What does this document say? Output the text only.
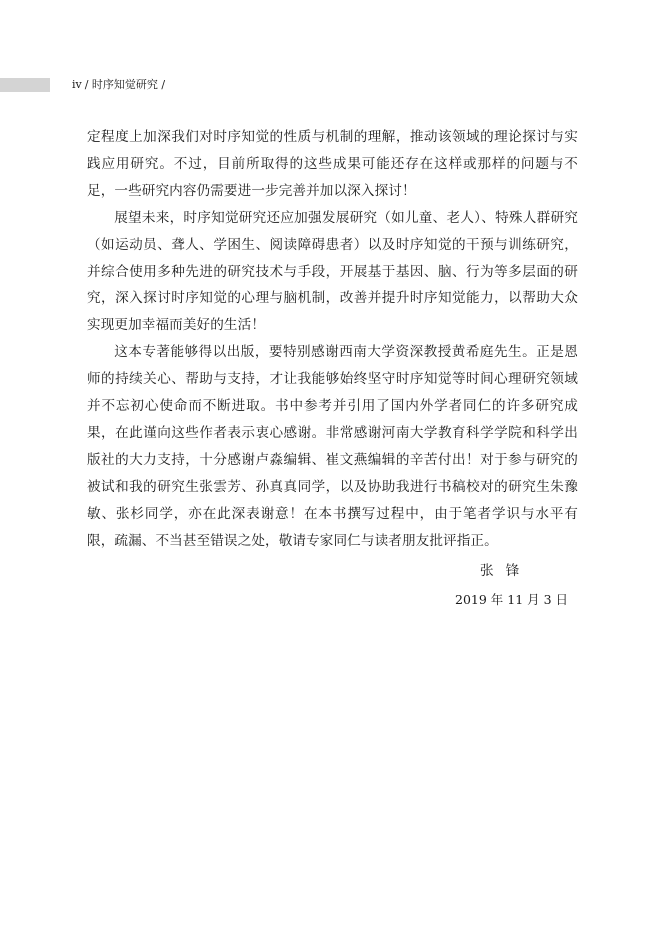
iv / 时序知觉研究 /

定程度上加深我们对时序知觉的性质与机制的理解，推动该领域的理论探讨与实践应用研究。不过，目前所取得的这些成果可能还存在这样或那样的问题与不足，一些研究内容仍需要进一步完善并加以深入探讨！

展望未来，时序知觉研究还应加强发展研究（如儿童、老人）、特殊人群研究（如运动员、聋人、学困生、阅读障碍患者）以及时序知觉的干预与训练研究，并综合使用多种先进的研究技术与手段，开展基于基因、脑、行为等多层面的研究，深入探讨时序知觉的心理与脑机制，改善并提升时序知觉能力，以帮助大众实现更加幸福而美好的生活！

这本专著能够得以出版，要特别感谢西南大学资深教授黄希庭先生。正是恩师的持续关心、帮助与支持，才让我能够始终坚守时序知觉等时间心理研究领域并不忘初心使命而不断进取。书中参考并引用了国内外学者同仁的许多研究成果，在此谨向这些作者表示衷心感谢。非常感谢河南大学教育科学学院和科学出版社的大力支持，十分感谢卢淼编辑、崔文燕编辑的辛苦付出！对于参与研究的被试和我的研究生张雲芳、孙真真同学，以及协助我进行书稿校对的研究生朱豫敏、张杉同学，亦在此深表谢意！在本书撰写过程中，由于笔者学识与水平有限，疏漏、不当甚至错误之处，敬请专家同仁与读者朋友批评指正。

张锋
2019 年 11 月 3 日
